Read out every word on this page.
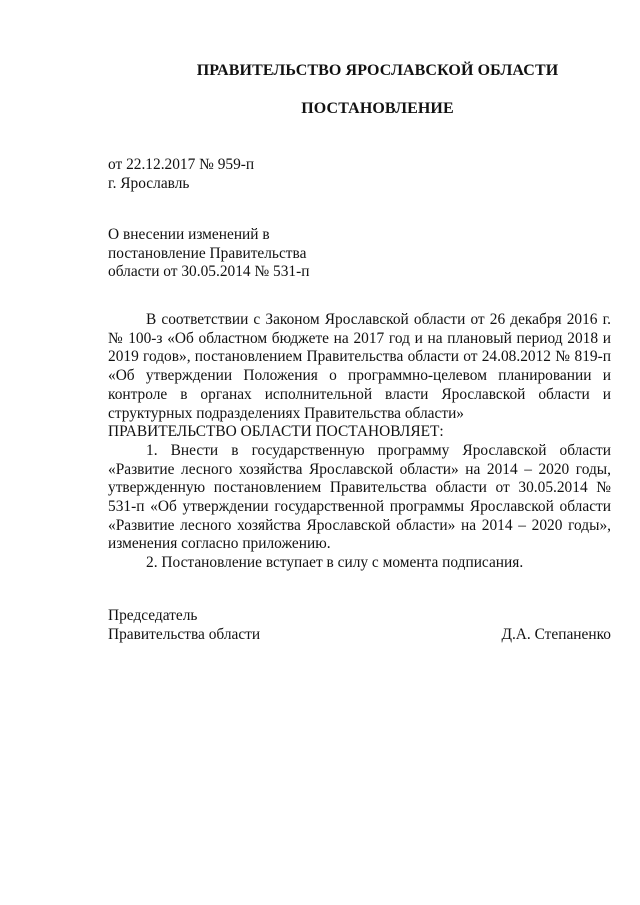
ПРАВИТЕЛЬСТВО ЯРОСЛАВСКОЙ ОБЛАСТИ
ПОСТАНОВЛЕНИЕ
от 22.12.2017 № 959-п
г. Ярославль
О внесении изменений в
постановление Правительства
области от 30.05.2014 № 531-п

В соответствии с Законом Ярославской области от 26 декабря 2016 г. № 100-з «Об областном бюджете на 2017 год и на плановый период 2018 и 2019 годов», постановлением Правительства области от 24.08.2012 № 819-п «Об утверждении Положения о программно-целевом планировании и контроле в органах исполнительной власти Ярославской области и структурных подразделениях Правительства области»

ПРАВИТЕЛЬСТВО ОБЛАСТИ ПОСТАНОВЛЯЕТ:

1. Внести в государственную программу Ярославской области «Развитие лесного хозяйства Ярославской области» на 2014 – 2020 годы, утвержденную постановлением Правительства области от 30.05.2014 № 531-п «Об утверждении государственной программы Ярославской области «Развитие лесного хозяйства Ярославской области» на 2014 – 2020 годы», изменения согласно приложению.

2. Постановление вступает в силу с момента подписания.

Председатель
Правительства области	Д.А. Степаненко
